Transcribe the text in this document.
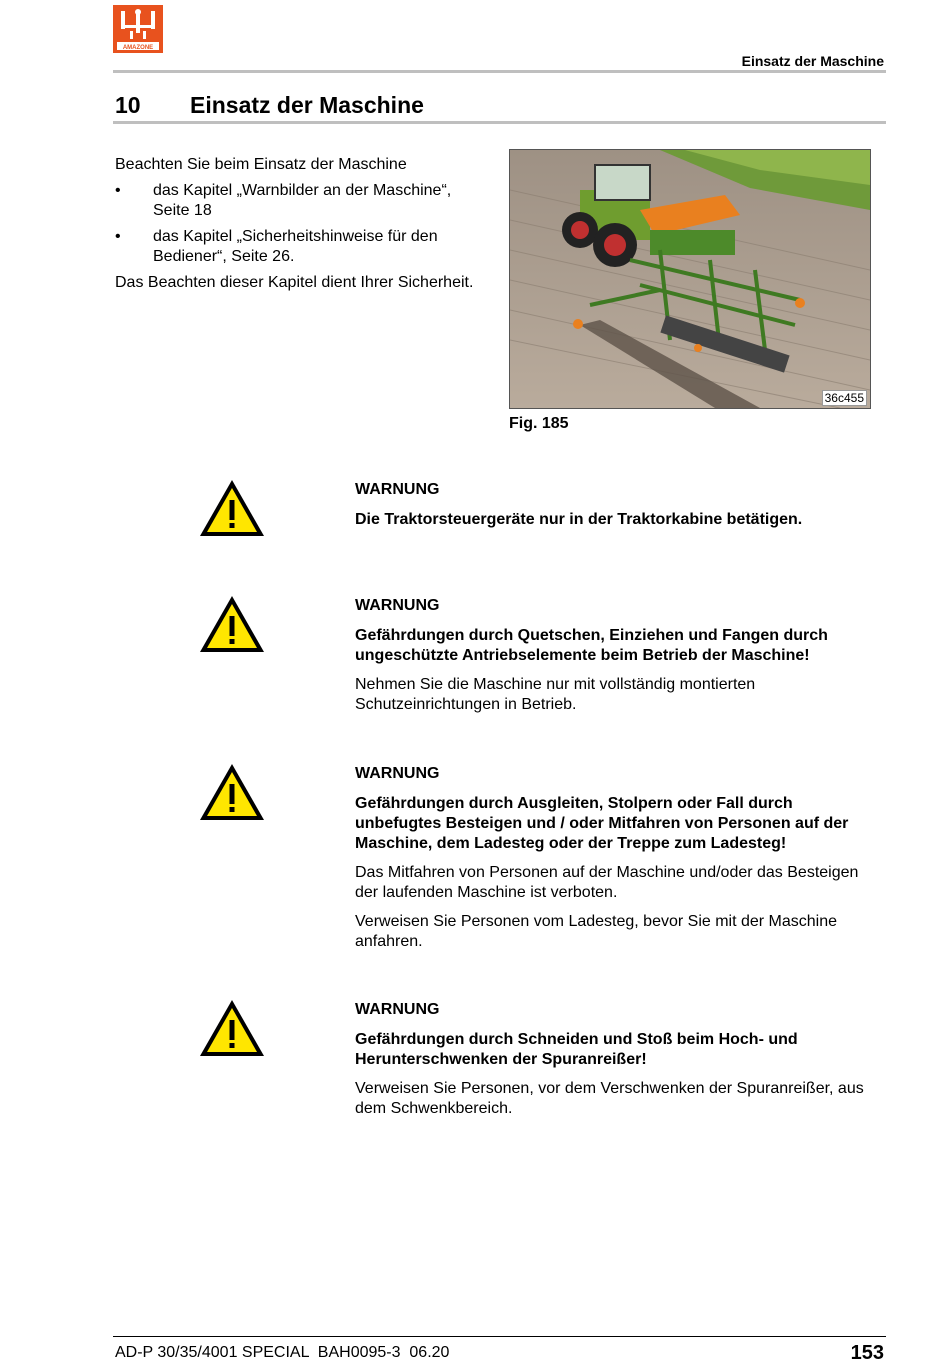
AMAZONE
Einsatz der Maschine
10 Einsatz der Maschine

Beachten Sie beim Einsatz der Maschine

• das Kapitel „Warnbilder an der Maschine“, Seite 18
• das Kapitel „Sicherheitshinweise für den Bediener“, Seite 26.

Das Beachten dieser Kapitel dient Ihrer Sicherheit.

36c455
Fig. 185

WARNUNG

Die Traktorsteuergeräte nur in der Traktorkabine betätigen.

WARNUNG

Gefährdungen durch Quetschen, Einziehen und Fangen durch ungeschützte Antriebselemente beim Betrieb der Maschine!

Nehmen Sie die Maschine nur mit vollständig montierten Schutzeinrichtungen in Betrieb.

WARNUNG

Gefährdungen durch Ausgleiten, Stolpern oder Fall durch unbefugtes Besteigen und / oder Mitfahren von Personen auf der Maschine, dem Ladesteg oder der Treppe zum Ladesteg!

Das Mitfahren von Personen auf der Maschine und/oder das Besteigen der laufenden Maschine ist verboten.

Verweisen Sie Personen vom Ladesteg, bevor Sie mit der Maschine anfahren.

WARNUNG

Gefährdungen durch Schneiden und Stoß beim Hoch- und Herunterschwenken der Spuranreißer!

Verweisen Sie Personen, vor dem Verschwenken der Spuranreißer, aus dem Schwenkbereich.

AD-P 30/35/4001 SPECIAL  BAH0095-3  06.20	153
